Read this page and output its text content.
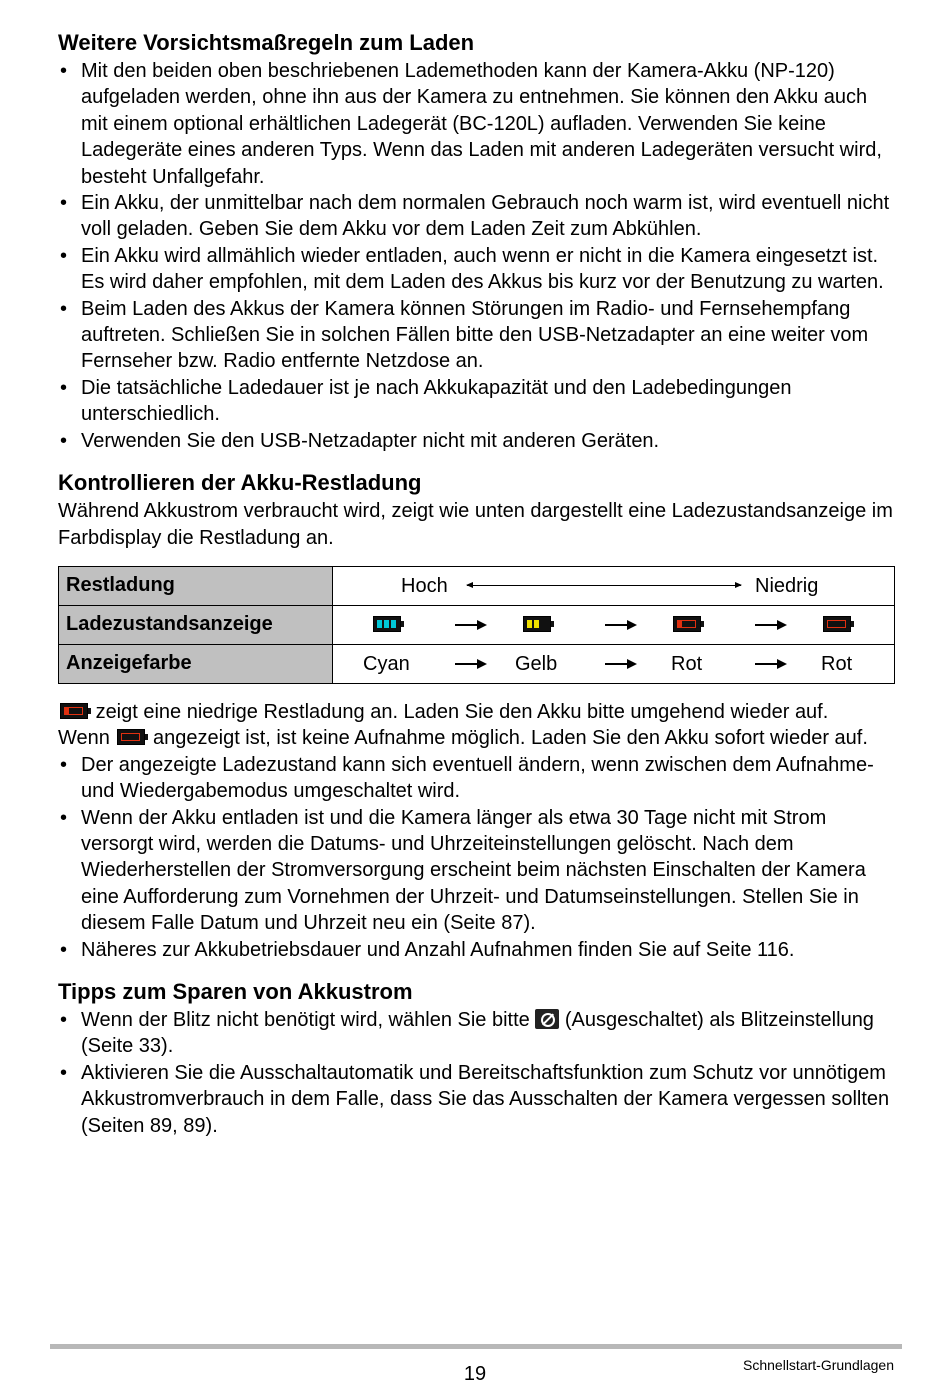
Weitere Vorsichtsmaßregeln zum Laden
• Mit den beiden oben beschriebenen Lademethoden kann der Kamera-Akku (NP-120) aufgeladen werden, ohne ihn aus der Kamera zu entnehmen. Sie können den Akku auch mit einem optional erhältlichen Ladegerät (BC-120L) aufladen. Verwenden Sie keine Ladegeräte eines anderen Typs. Wenn das Laden mit anderen Ladegeräten versucht wird, besteht Unfallgefahr.
• Ein Akku, der unmittelbar nach dem normalen Gebrauch noch warm ist, wird eventuell nicht voll geladen. Geben Sie dem Akku vor dem Laden Zeit zum Abkühlen.
• Ein Akku wird allmählich wieder entladen, auch wenn er nicht in die Kamera eingesetzt ist. Es wird daher empfohlen, mit dem Laden des Akkus bis kurz vor der Benutzung zu warten.
• Beim Laden des Akkus der Kamera können Störungen im Radio- und Fernsehempfang auftreten. Schließen Sie in solchen Fällen bitte den USB-Netzadapter an eine weiter vom Fernseher bzw. Radio entfernte Netzdose an.
• Die tatsächliche Ladedauer ist je nach Akkukapazität und den Ladebedingungen unterschiedlich.
• Verwenden Sie den USB-Netzadapter nicht mit anderen Geräten.
Kontrollieren der Akku-Restladung

Während Akkustrom verbraucht wird, zeigt wie unten dargestellt eine Ladezustandsanzeige im Farbdisplay die Restladung an.

Restladung	Hoch Niedrig

Ladezustandsanzeige	

Anzeigefarbe	Cyan Gelb Rot Rot

zeigt eine niedrige Restladung an. Laden Sie den Akku bitte umgehend wieder auf.

Wenn angezeigt ist, ist keine Aufnahme möglich. Laden Sie den Akku sofort wieder auf.

• Der angezeigte Ladezustand kann sich eventuell ändern, wenn zwischen dem Aufnahme- und Wiedergabemodus umgeschaltet wird.
• Wenn der Akku entladen ist und die Kamera länger als etwa 30 Tage nicht mit Strom versorgt wird, werden die Datums- und Uhrzeiteinstellungen gelöscht. Nach dem Wiederherstellen der Stromversorgung erscheint beim nächsten Einschalten der Kamera eine Aufforderung zum Vornehmen der Uhrzeit- und Datumseinstellungen. Stellen Sie in diesem Falle Datum und Uhrzeit neu ein (Seite 87).
• Näheres zur Akkubetriebsdauer und Anzahl Aufnahmen finden Sie auf Seite 116.
Tipps zum Sparen von Akkustrom
• Wenn der Blitz nicht benötigt wird, wählen Sie bitte (Ausgeschaltet) als Blitzeinstellung (Seite 33).
• Aktivieren Sie die Ausschaltautomatik und Bereitschaftsfunktion zum Schutz vor unnötigem Akkustromverbrauch in dem Falle, dass Sie das Ausschalten der Kamera vergessen sollten (Seiten 89, 89).
19	Schnellstart-Grundlagen
